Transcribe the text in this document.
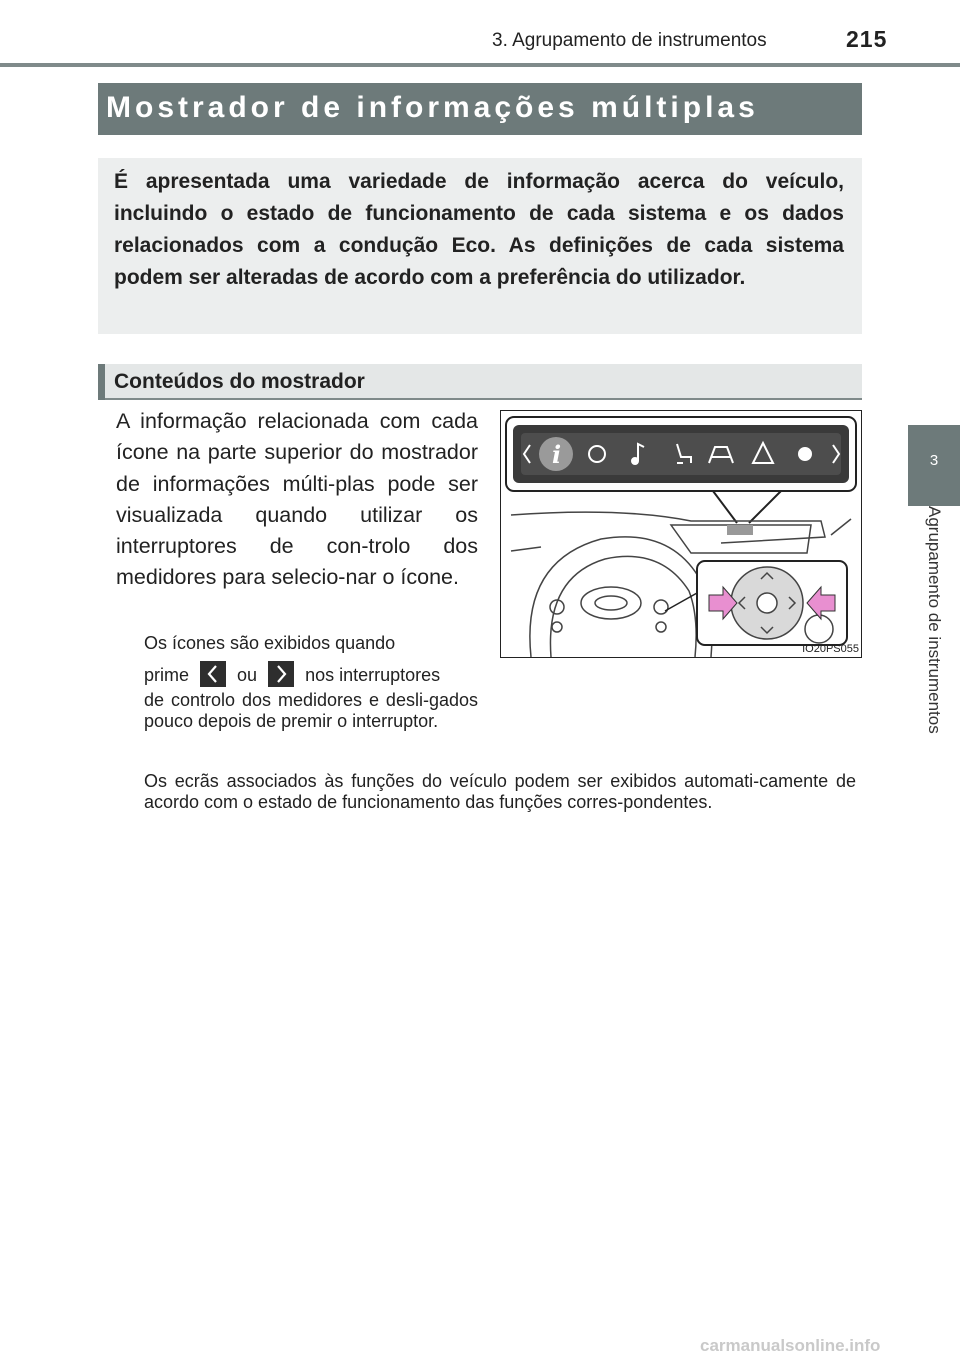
3. Agrupamento de instrumentos	215
3
Agrupamento de instrumentos
Mostrador de informações múltiplas

É apresentada uma variedade de informação acerca do veículo, incluindo o estado de funcionamento de cada sistema e os dados relacionados com a condução Eco. As definições de cada sistema podem ser alteradas de acordo com a preferência do utilizador.

Conteúdos do mostrador

A informação relacionada com cada ícone na parte superior do mostrador de informações múlti-plas pode ser visualizada quando utilizar os interruptores de con-trolo dos medidores para selecio-nar o ícone.

Os ícones são exibidos quando

prime	ou	nos interruptores

de controlo dos medidores e desli-gados pouco depois de premir o interruptor.

Os ecrãs associados às funções do veículo podem ser exibidos automati-camente de acordo com o estado de funcionamento das funções corres-pondentes.

i
IO20PS055
carmanualsonline.info
